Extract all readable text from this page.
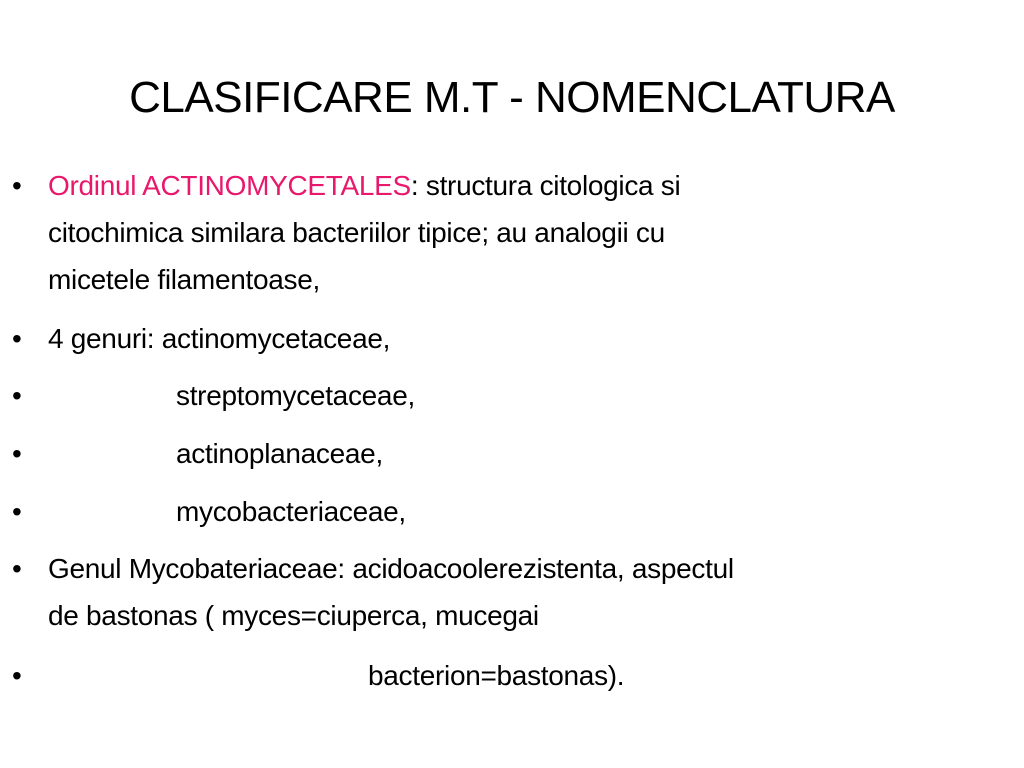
CLASIFICARE M.T - NOMENCLATURA
• Ordinul ACTINOMYCETALES: structura citologica si
citochimica similara bacteriilor tipice; au analogii cu
micetele filamentoase,
• 4 genuri: actinomycetaceae,
•	streptomycetaceae,
•	actinoplanaceae,
•	mycobacteriaceae,
• Genul Mycobateriaceae: acidoacoolerezistenta, aspectul
de bastonas ( myces=ciuperca, mucegai
•	bacterion=bastonas).
